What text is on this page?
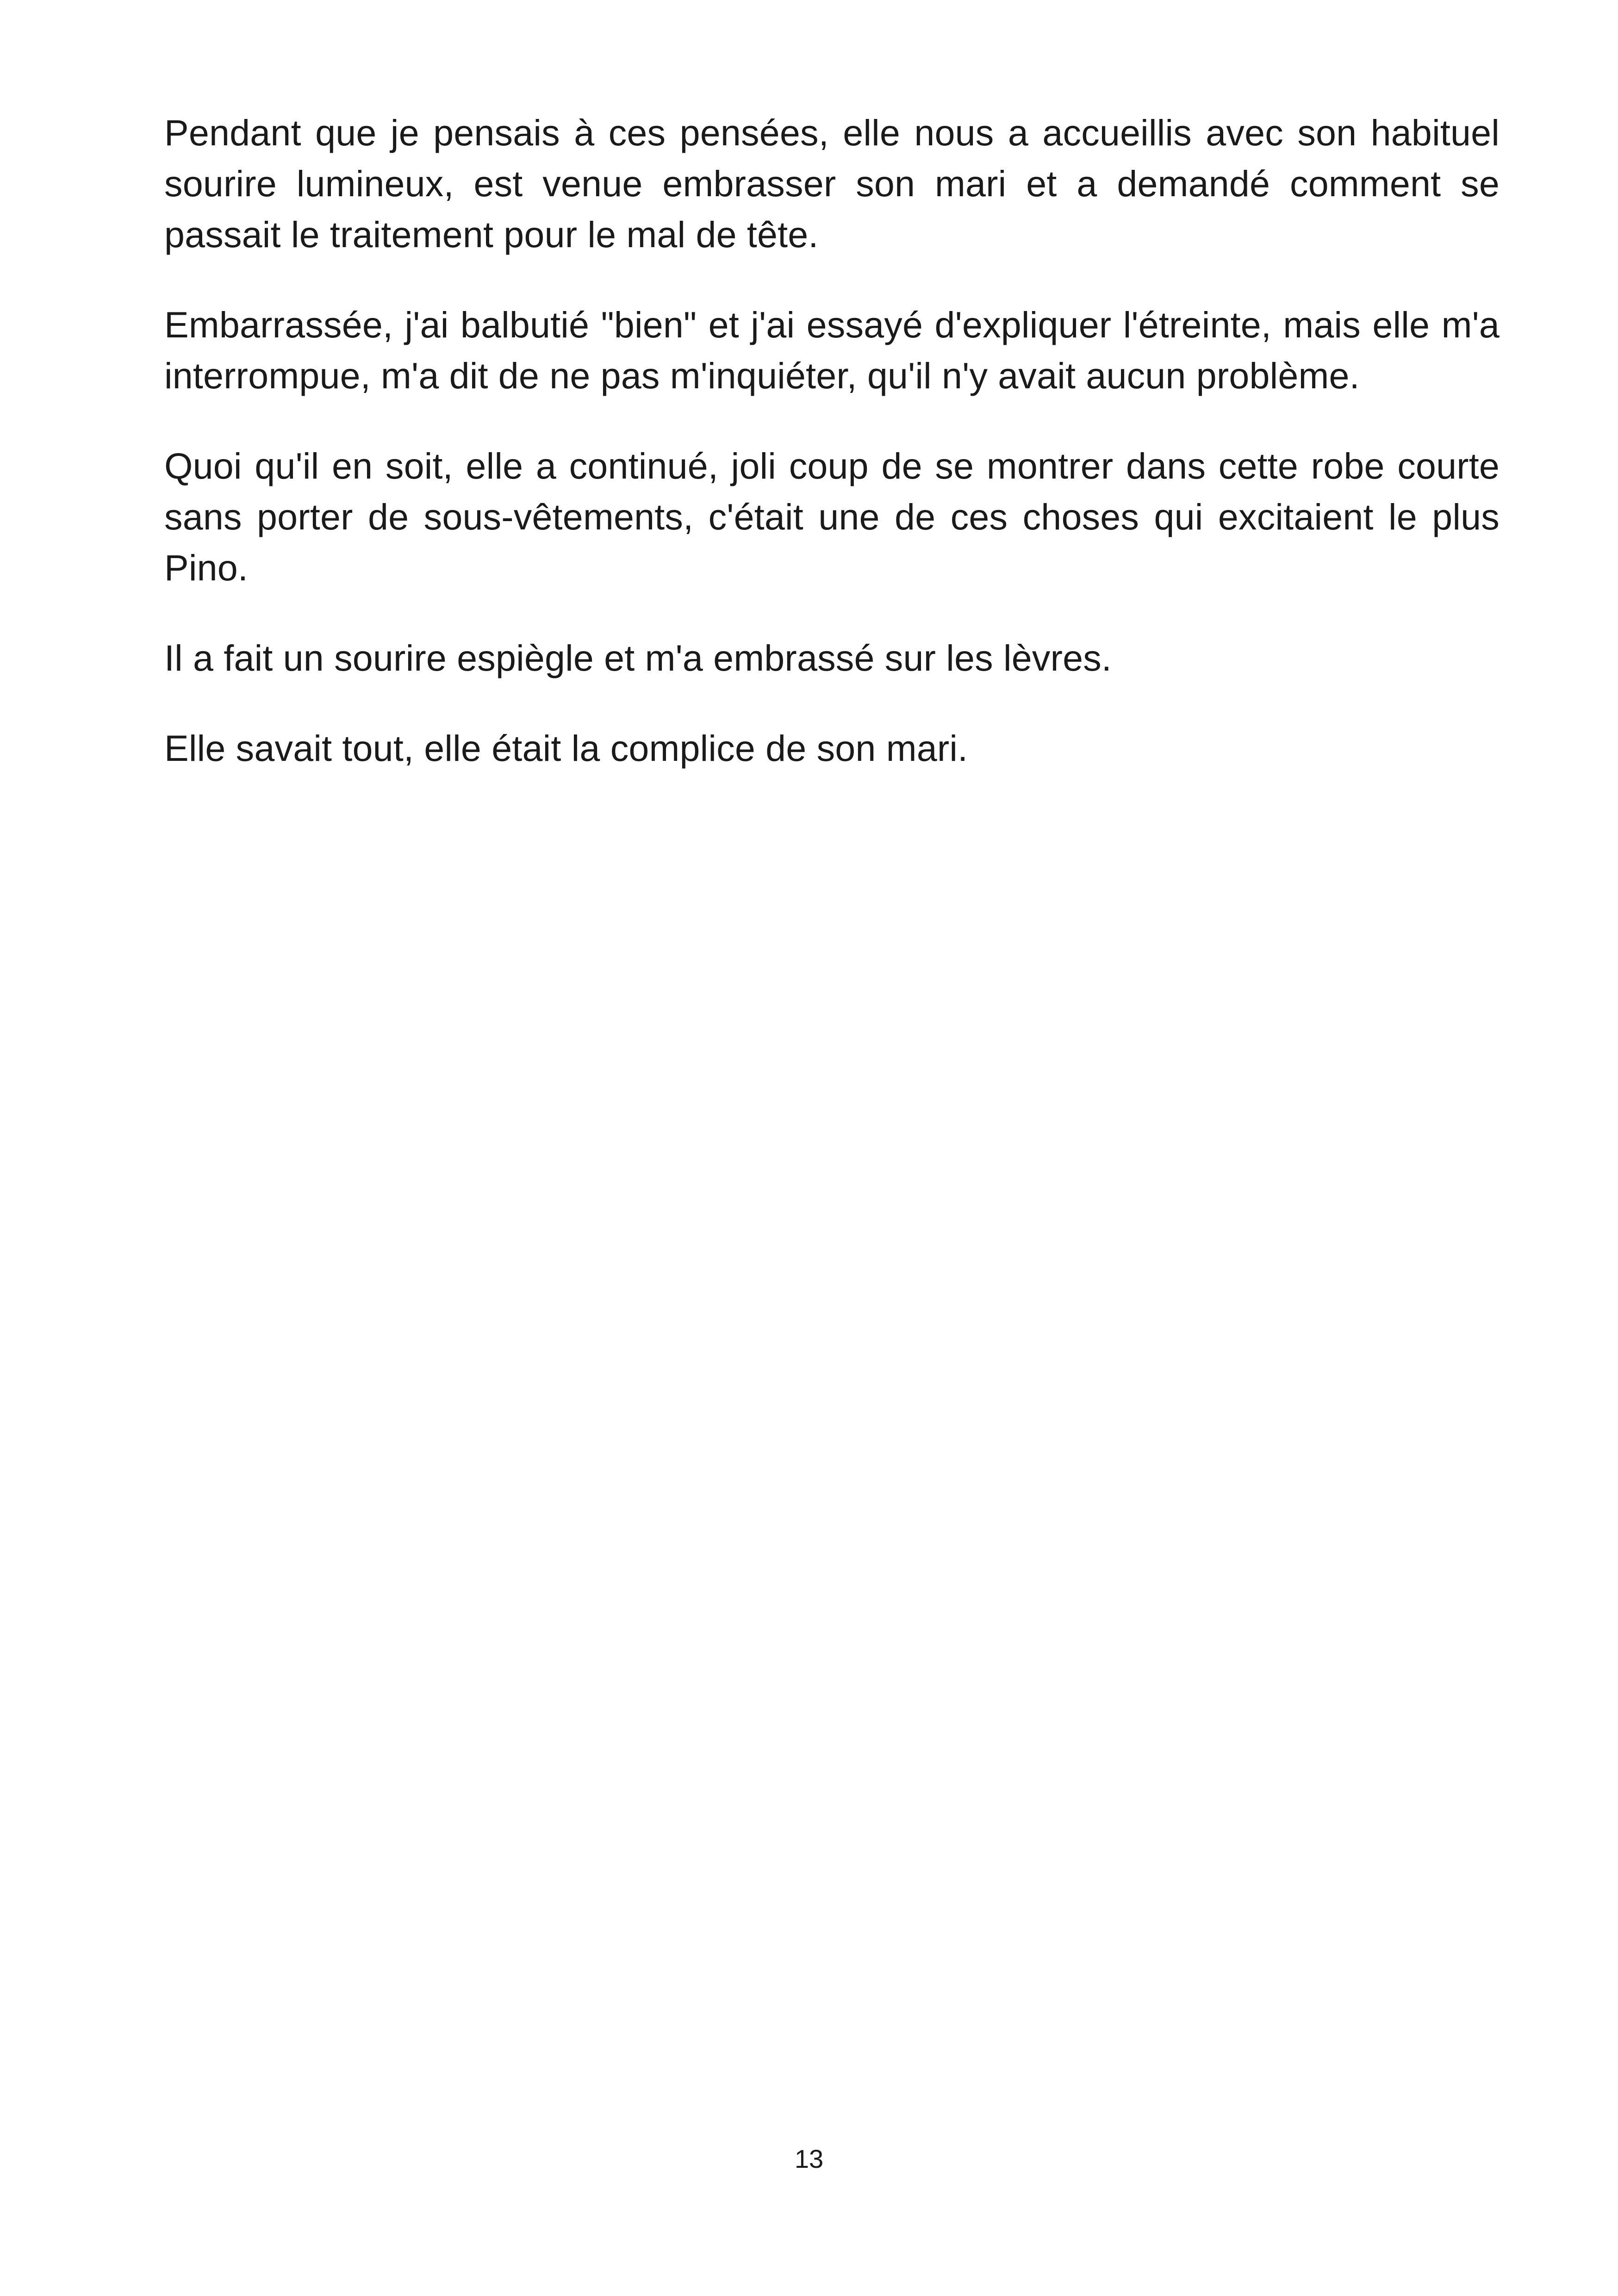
Pendant que je pensais à ces pensées, elle nous a accueillis avec son habituel sourire lumineux, est venue embrasser son mari et a demandé comment se passait le traitement pour le mal de tête.

Embarrassée, j'ai balbutié "bien" et j'ai essayé d'expliquer l'étreinte, mais elle m'a interrompue, m'a dit de ne pas m'inquiéter, qu'il n'y avait aucun problème.

Quoi qu'il en soit, elle a continué, joli coup de se montrer dans cette robe courte sans porter de sous-vêtements, c'était une de ces choses qui excitaient le plus Pino.

Il a fait un sourire espiègle et m'a embrassé sur les lèvres.

Elle savait tout, elle était la complice de son mari.

13
